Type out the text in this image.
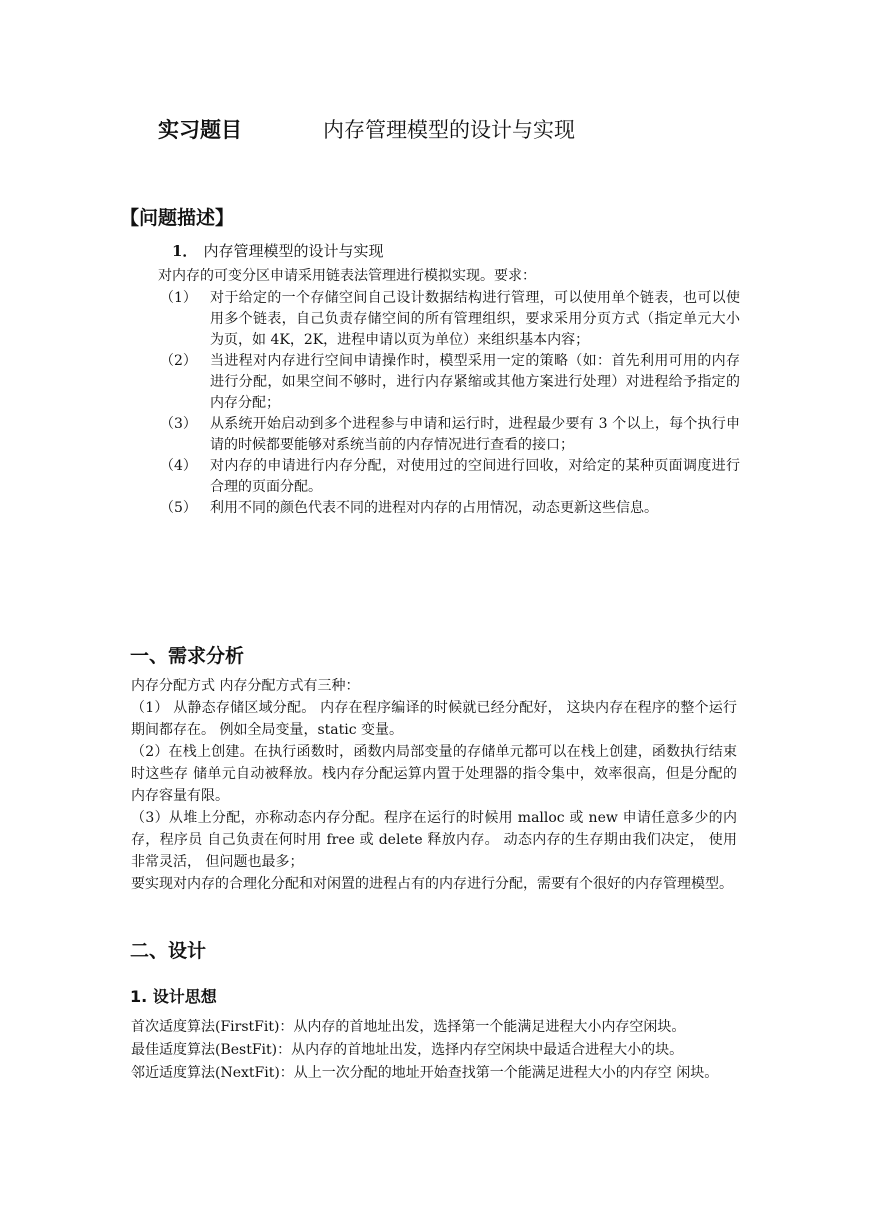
实习题目	内存管理模型的设计与实现
【问题描述】
1． 内存管理模型的设计与实现
对内存的可变分区申请采用链表法管理进行模拟实现。要求：
（1） 对于给定的一个存储空间自己设计数据结构进行管理，可以使用单个链表，也可以使用多个链表，自己负责存储空间的所有管理组织，要求采用分页方式（指定单元大小为页，如 4K，2K，进程申请以页为单位）来组织基本内容；
（2） 当进程对内存进行空间申请操作时，模型采用一定的策略（如：首先利用可用的内存进行分配，如果空间不够时，进行内存紧缩或其他方案进行处理）对进程给予指定的内存分配；
（3） 从系统开始启动到多个进程参与申请和运行时，进程最少要有 3 个以上，每个执行申请的时候都要能够对系统当前的内存情况进行查看的接口；
（4） 对内存的申请进行内存分配，对使用过的空间进行回收，对给定的某种页面调度进行合理的页面分配。
（5） 利用不同的颜色代表不同的进程对内存的占用情况，动态更新这些信息。
一、需求分析

内存分配方式 内存分配方式有三种：

（1） 从静态存储区域分配。 内存在程序编译的时候就已经分配好， 这块内存在程序的整个运行期间都存在。 例如全局变量，static 变量。

（2）在栈上创建。在执行函数时，函数内局部变量的存储单元都可以在栈上创建，函数执行结束时这些存 储单元自动被释放。栈内存分配运算内置于处理器的指令集中，效率很高，但是分配的内存容量有限。

（3）从堆上分配，亦称动态内存分配。程序在运行的时候用 malloc 或 new 申请任意多少的内存，程序员 自己负责在何时用 free 或 delete 释放内存。 动态内存的生存期由我们决定， 使用非常灵活， 但问题也最多；

要实现对内存的合理化分配和对闲置的进程占有的内存进行分配，需要有个很好的内存管理模型。

二、设计
1. 设计思想

首次适度算法(FirstFit)：从内存的首地址出发，选择第一个能满足进程大小内存空闲块。

最佳适度算法(BestFit)：从内存的首地址出发，选择内存空闲块中最适合进程大小的块。

邻近适度算法(NextFit)：从上一次分配的地址开始查找第一个能满足进程大小的内存空 闲块。
